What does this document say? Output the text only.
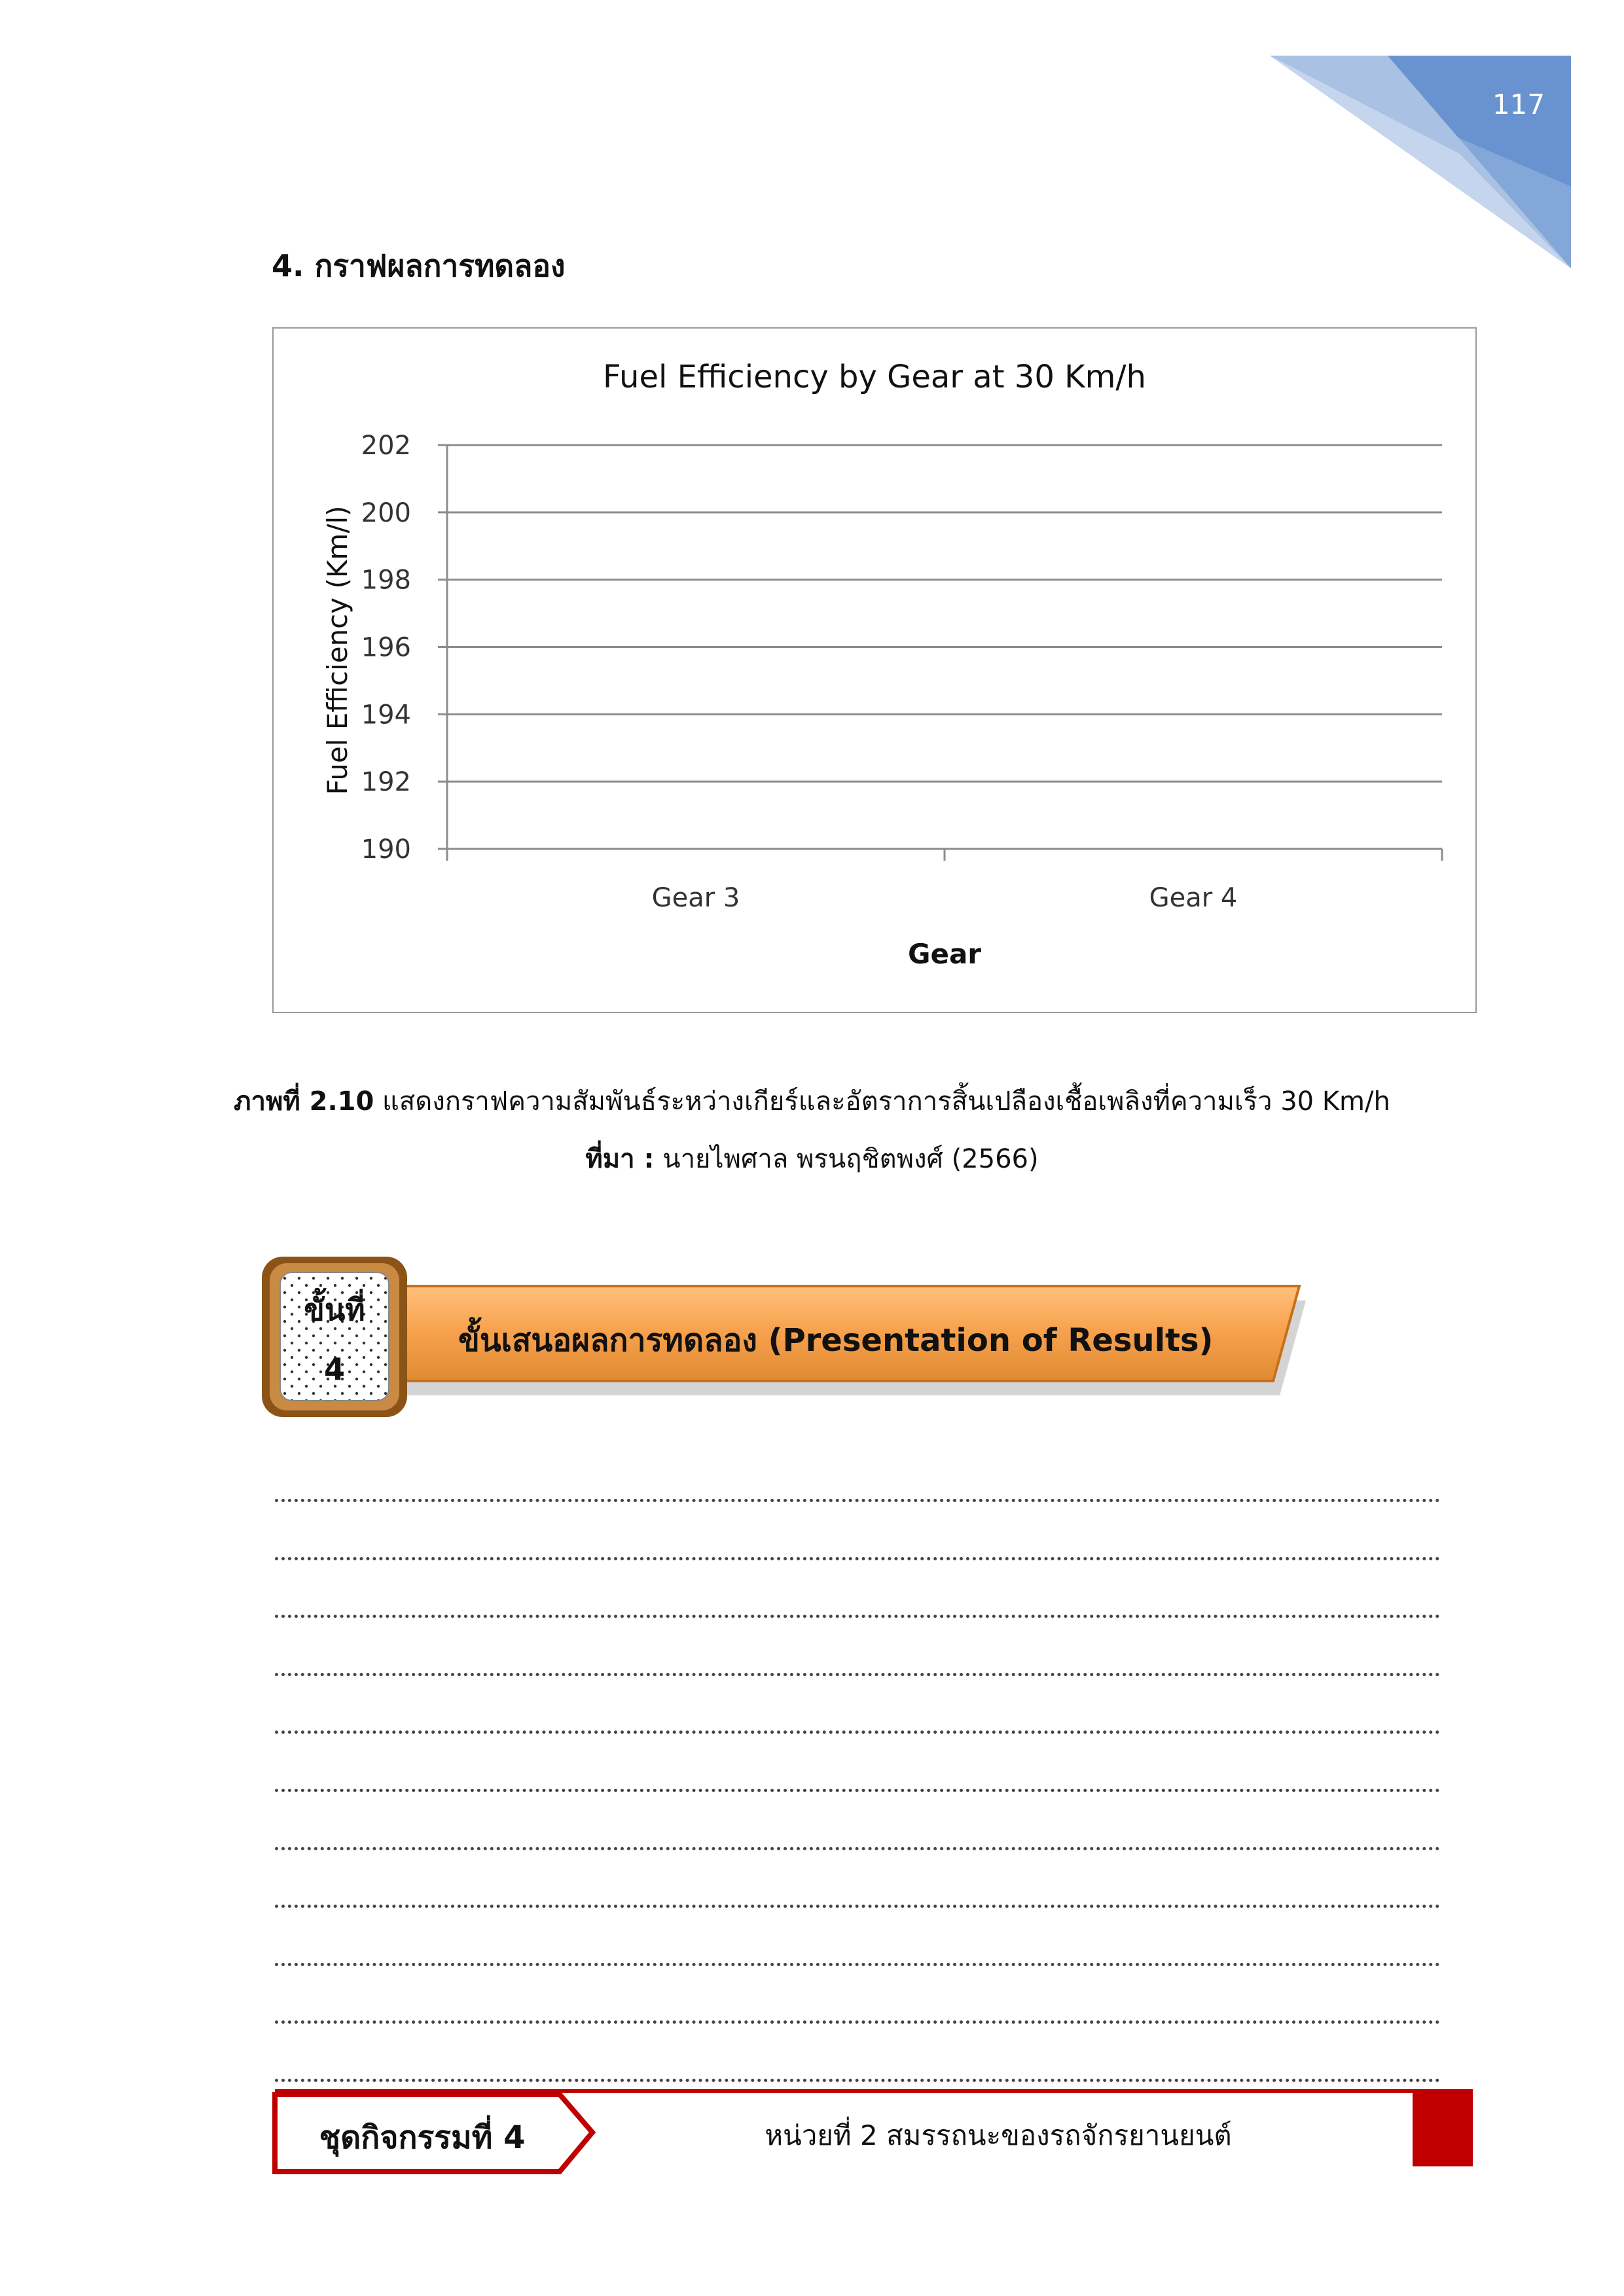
117
4. กราฟผลการทดลอง
Fuel Efficiency by Gear at 30 Km/h
190
192
194
196
198
200
202
Gear 3	Gear 4
Gear
Fuel Efficiency (Km/l)
ภาพที่ 2.10 แสดงกราฟความสัมพันธ์ระหว่างเกียร์และอัตราการสิ้นเปลืองเชื้อเพลิงที่ความเร็ว 30 Km/h
ที่มา : นายไพศาล พรนฤชิตพงศ์ (2566)
ขั้นที่
4
ขั้นเสนอผลการทดลอง (Presentation of Results)
ชุดกิจกรรมที่ 4	หน่วยที่ 2 สมรรถนะของรถจักรยานยนต์
